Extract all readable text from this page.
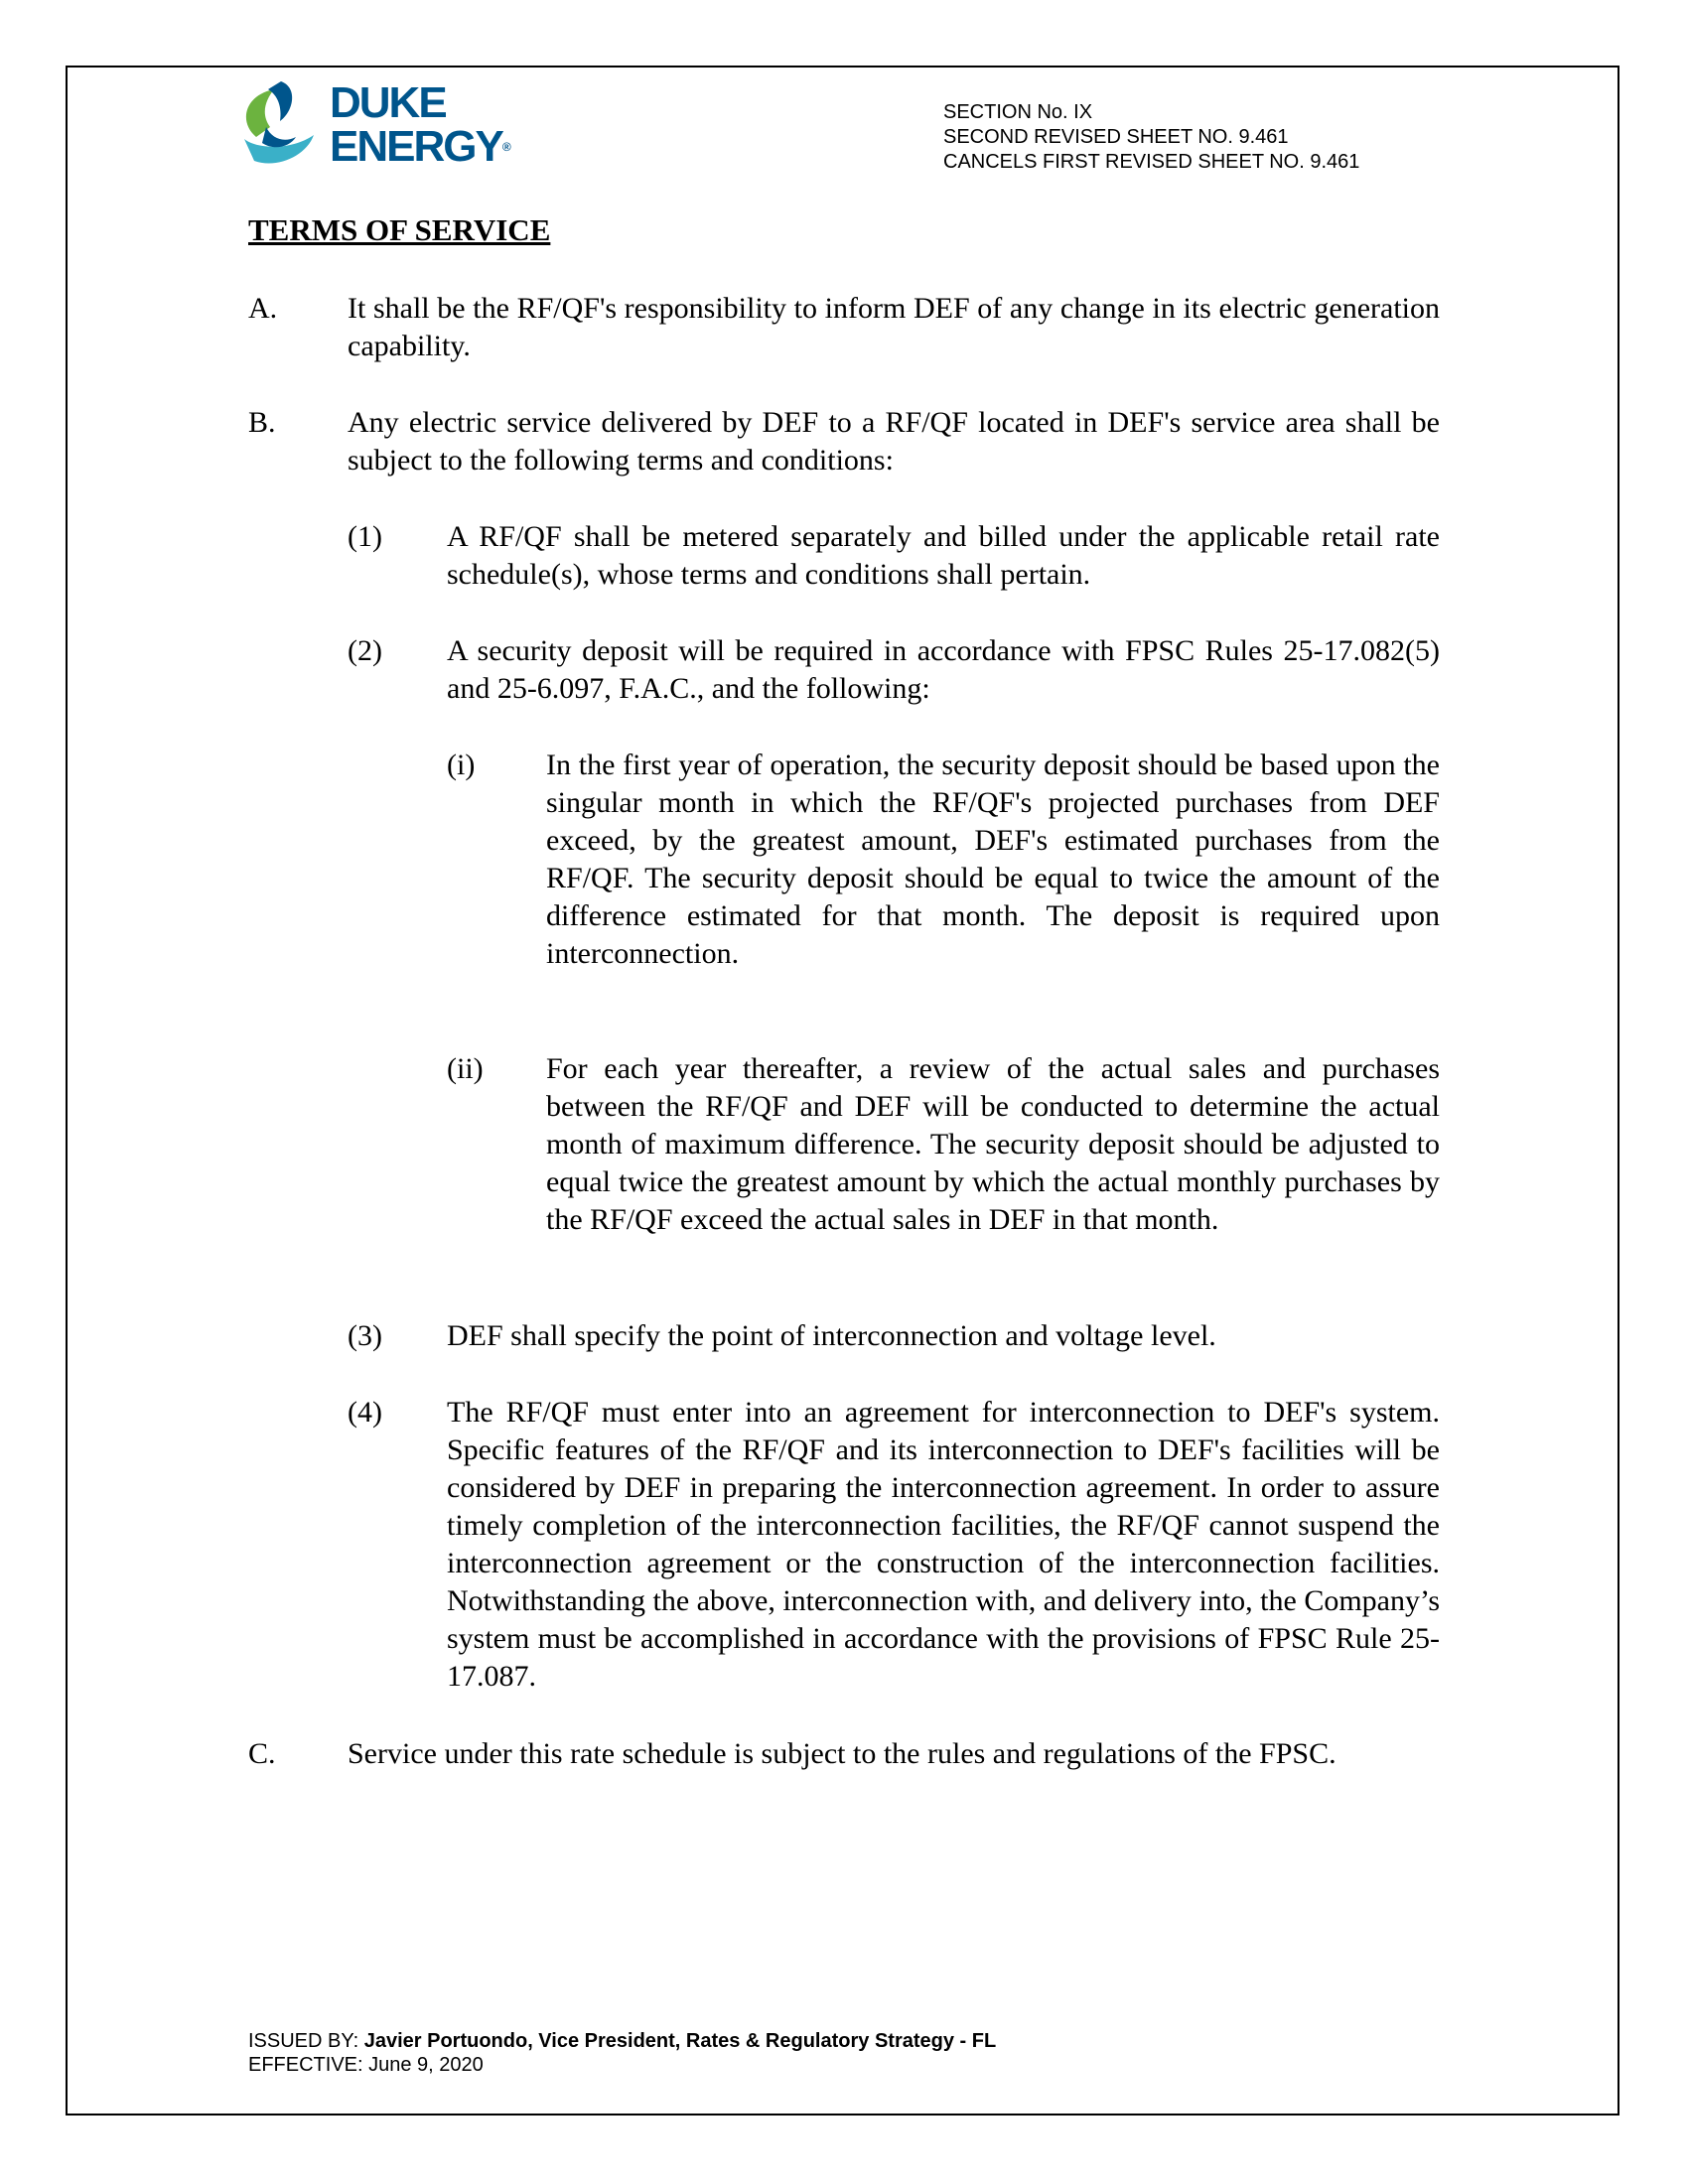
DUKE
ENERGY®
SECTION No. IX
SECOND REVISED SHEET NO. 9.461
CANCELS FIRST REVISED SHEET NO. 9.461
TERMS OF SERVICE
A. It shall be the RF/QF's responsibility to inform DEF of any change in its electric generation capability.
B. Any electric service delivered by DEF to a RF/QF located in DEF's service area shall be subject to the following terms and conditions:
(1) A RF/QF shall be metered separately and billed under the applicable retail rate schedule(s), whose terms and conditions shall pertain.
(2) A security deposit will be required in accordance with FPSC Rules 25-17.082(5) and 25-6.097, F.A.C., and the following:
(i) In the first year of operation, the security deposit should be based upon the singular month in which the RF/QF's projected purchases from DEF exceed, by the greatest amount, DEF's estimated purchases from the RF/QF. The security deposit should be equal to twice the amount of the difference estimated for that month. The deposit is required upon interconnection.
(ii) For each year thereafter, a review of the actual sales and purchases between the RF/QF and DEF will be conducted to determine the actual month of maximum difference. The security deposit should be adjusted to equal twice the greatest amount by which the actual monthly purchases by the RF/QF exceed the actual sales in DEF in that month.
(3) DEF shall specify the point of interconnection and voltage level.
(4) The RF/QF must enter into an agreement for interconnection to DEF's system. Specific features of the RF/QF and its interconnection to DEF's facilities will be considered by DEF in preparing the interconnection agreement. In order to assure timely completion of the interconnection facilities, the RF/QF cannot suspend the interconnection agreement or the construction of the interconnection facilities. Notwithstanding the above, interconnection with, and delivery into, the Company’s system must be accomplished in accordance with the provisions of FPSC Rule 25-17.087.
C. Service under this rate schedule is subject to the rules and regulations of the FPSC.
ISSUED BY: Javier Portuondo, Vice President, Rates & Regulatory Strategy - FL
EFFECTIVE: June 9, 2020
